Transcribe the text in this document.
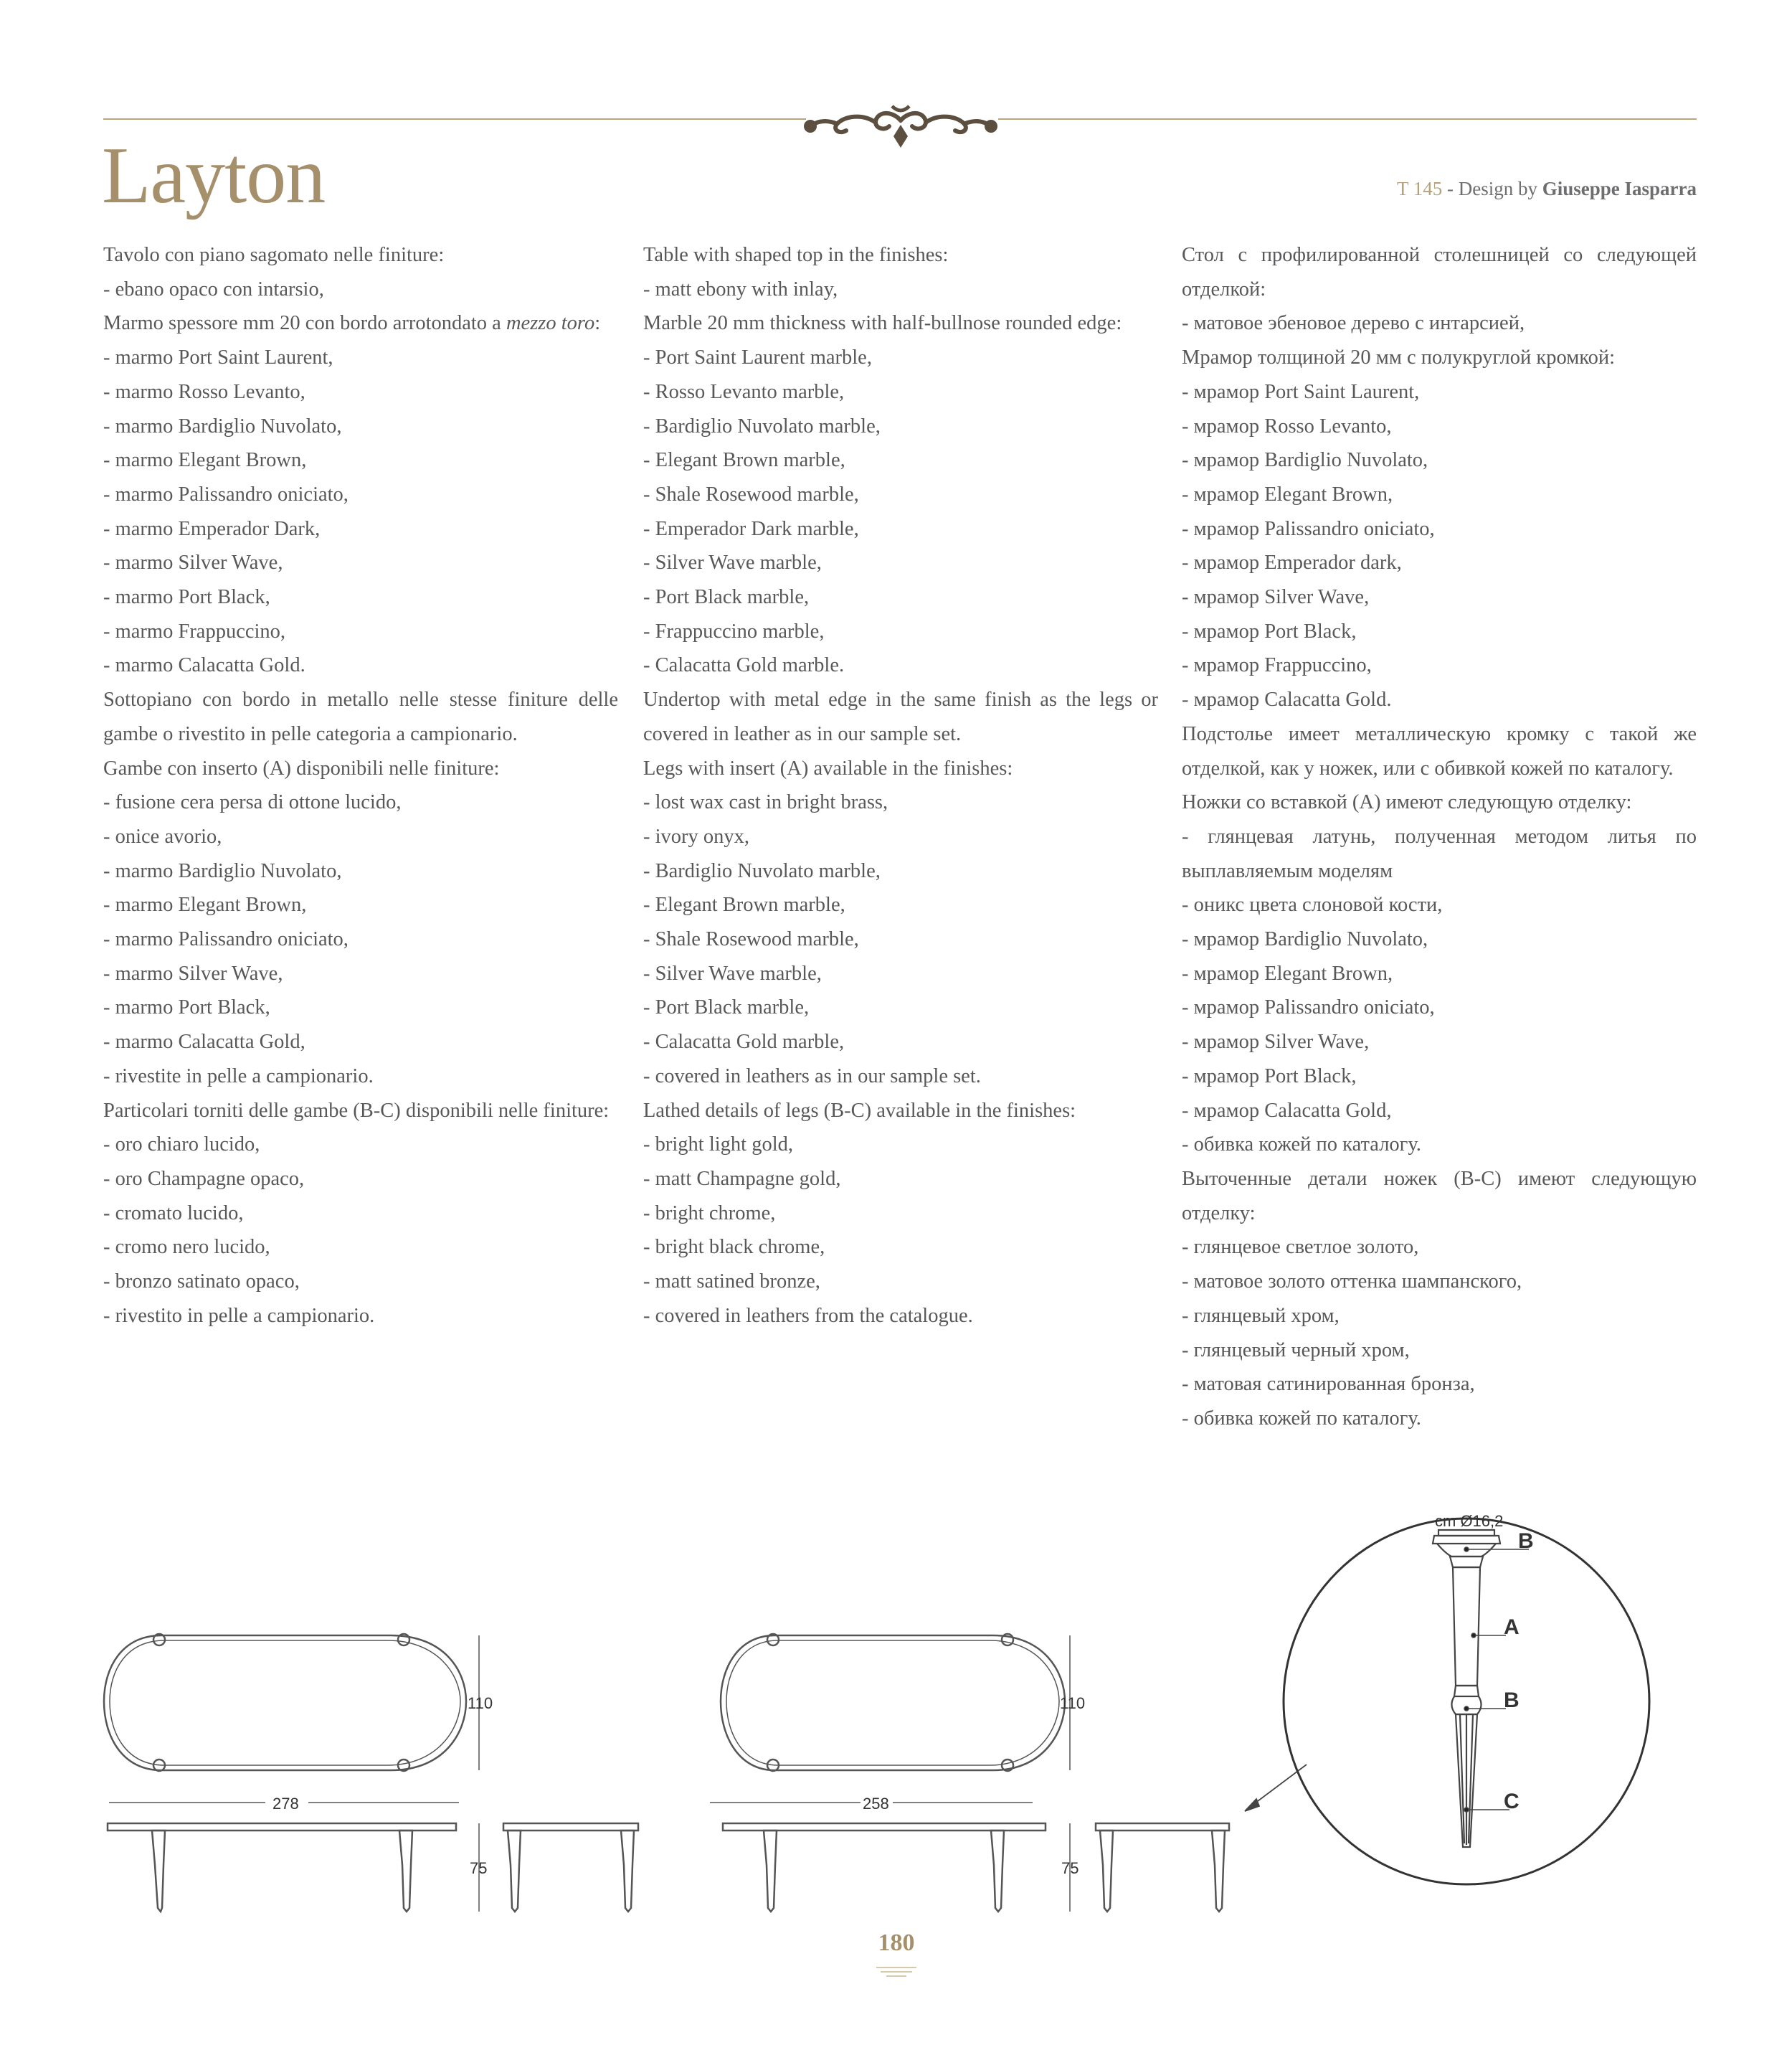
Layton	T 145 - Design by Giuseppe Iasparra
Tavolo con piano sagomato nelle finiture:
- ebano opaco con intarsio,
Marmo spessore mm 20 con bordo arrotondato a mezzo toro:
- marmo Port Saint Laurent,
- marmo Rosso Levanto,
- marmo Bardiglio Nuvolato,
- marmo Elegant Brown,
- marmo Palissandro oniciato,
- marmo Emperador Dark,
- marmo Silver Wave,
- marmo Port Black,
- marmo Frappuccino,
- marmo Calacatta Gold.
Sottopiano con bordo in metallo nelle stesse finiture delle gambe o rivestito in pelle categoria a campionario.
Gambe con inserto (A) disponibili nelle finiture:
- fusione cera persa di ottone lucido,
- onice avorio,
- marmo Bardiglio Nuvolato,
- marmo Elegant Brown,
- marmo Palissandro oniciato,
- marmo Silver Wave,
- marmo Port Black,
- marmo Calacatta Gold,
- rivestite in pelle a campionario.
Particolari torniti delle gambe (B-C) disponibili nelle finiture:
- oro chiaro lucido,
- oro Champagne opaco,
- cromato lucido,
- cromo nero lucido,
- bronzo satinato opaco,
- rivestito in pelle a campionario.
Table with shaped top in the finishes:
- matt ebony with inlay,
Marble 20 mm thickness with half-bullnose rounded edge:
- Port Saint Laurent marble,
- Rosso Levanto marble,
- Bardiglio Nuvolato marble,
- Elegant Brown marble,
- Shale Rosewood marble,
- Emperador Dark marble,
- Silver Wave marble,
- Port Black marble,
- Frappuccino marble,
- Calacatta Gold marble.
Undertop with metal edge in the same finish as the legs or covered in leather as in our sample set.
Legs with insert (A) available in the finishes:
- lost wax cast in bright brass,
- ivory onyx,
- Bardiglio Nuvolato marble,
- Elegant Brown marble,
- Shale Rosewood marble,
- Silver Wave marble,
- Port Black marble,
- Calacatta Gold marble,
- covered in leathers as in our sample set.
Lathed details of legs (B-C) available in the finishes:
- bright light gold,
- matt Champagne gold,
- bright chrome,
- bright black chrome,
- matt satined bronze,
- covered in leathers from the catalogue.
Стол с профилированной столешницей со следующей отделкой:
- матовое эбеновое дерево с интарсией,
Мрамор толщиной 20 мм с полукруглой кромкой:
- мрамор Port Saint Laurent,
- мрамор Rosso Levanto,
- мрамор Bardiglio Nuvolato,
- мрамор Elegant Brown,
- мрамор Palissandro oniciato,
- мрамор Emperador dark,
- мрамор Silver Wave,
- мрамор Port Black,
- мрамор Frappuccino,
- мрамор Calacatta Gold.
Подстолье имеет металлическую кромку с такой же отделкой, как у ножек, или с обивкой кожей по каталогу.
Ножки со вставкой (A) имеют следующую отделку:
- глянцевая латунь, полученная методом литья по выплавляемым моделям
- оникс цвета слоновой кости,
- мрамор Bardiglio Nuvolato,
- мрамор Elegant Brown,
- мрамор Palissandro oniciato,
- мрамор Silver Wave,
- мрамор Port Black,
- мрамор Calacatta Gold,
- обивка кожей по каталогу.
Выточенные детали ножек (B-C) имеют следующую отделку:
- глянцевое светлое золото,
- матовое золото оттенка шампанского,
- глянцевый хром,
- глянцевый черный хром,
- матовая сатинированная бронза,
- обивка кожей по каталогу.
110
278
75
110
258
75
cm Ø16,2
B
A
B
C
180
